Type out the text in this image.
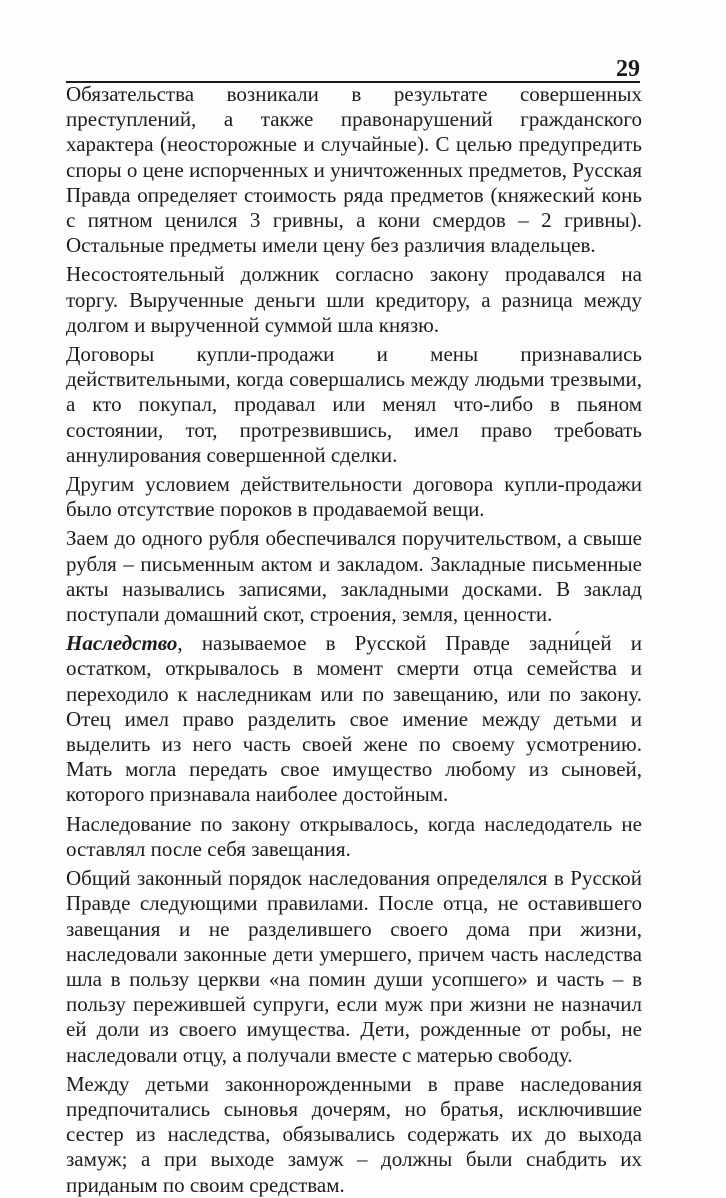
29

Обязательства возникали в результате совершенных преступлений, а также правонарушений гражданского характера (неосторожные и случайные). С целью предупредить споры о цене испорченных и уничтоженных предметов, Русская Правда определяет стоимость ряда предметов (княжеский конь с пятном ценился 3 гривны, а кони смердов – 2 гривны). Остальные предметы имели цену без различия владельцев.

Несостоятельный должник согласно закону продавался на торгу. Вырученные деньги шли кредитору, а разница между долгом и вырученной суммой шла князю.

Договоры купли-продажи и мены признавались действительными, когда совершались между людьми трезвыми, а кто покупал, продавал или менял что-либо в пьяном состоянии, тот, протрезвившись, имел право требовать аннулирования совершенной сделки.

Другим условием действительности договора купли-продажи было отсутствие пороков в продаваемой вещи.

Заем до одного рубля обеспечивался поручительством, а свыше рубля – письменным актом и закладом. Закладные письменные акты назывались записями, закладными досками. В заклад поступали домашний скот, строения, земля, ценности.

Наследство, называемое в Русской Правде задни́цей и остатком, открывалось в момент смерти отца семейства и переходило к наследникам или по завещанию, или по закону. Отец имел право разделить свое имение между детьми и выделить из него часть своей жене по своему усмотрению. Мать могла передать свое имущество любому из сыновей, которого признавала наиболее достойным.

Наследование по закону открывалось, когда наследодатель не оставлял после себя завещания.

Общий законный порядок наследования определялся в Русской Правде следующими правилами. После отца, не оставившего завещания и не разделившего своего дома при жизни, наследовали законные дети умершего, причем часть наследства шла в пользу церкви «на помин души усопшего» и часть – в пользу пережившей супруги, если муж при жизни не назначил ей доли из своего имущества. Дети, рожденные от робы, не наследовали отцу, а получали вместе с матерью свободу.

Между детьми законнорожденными в праве наследования предпочитались сыновья дочерям, но братья, исключившие сестер из наследства, обязывались содержать их до выхода замуж; а при выходе замуж – должны были снабдить их приданым по своим средствам.
